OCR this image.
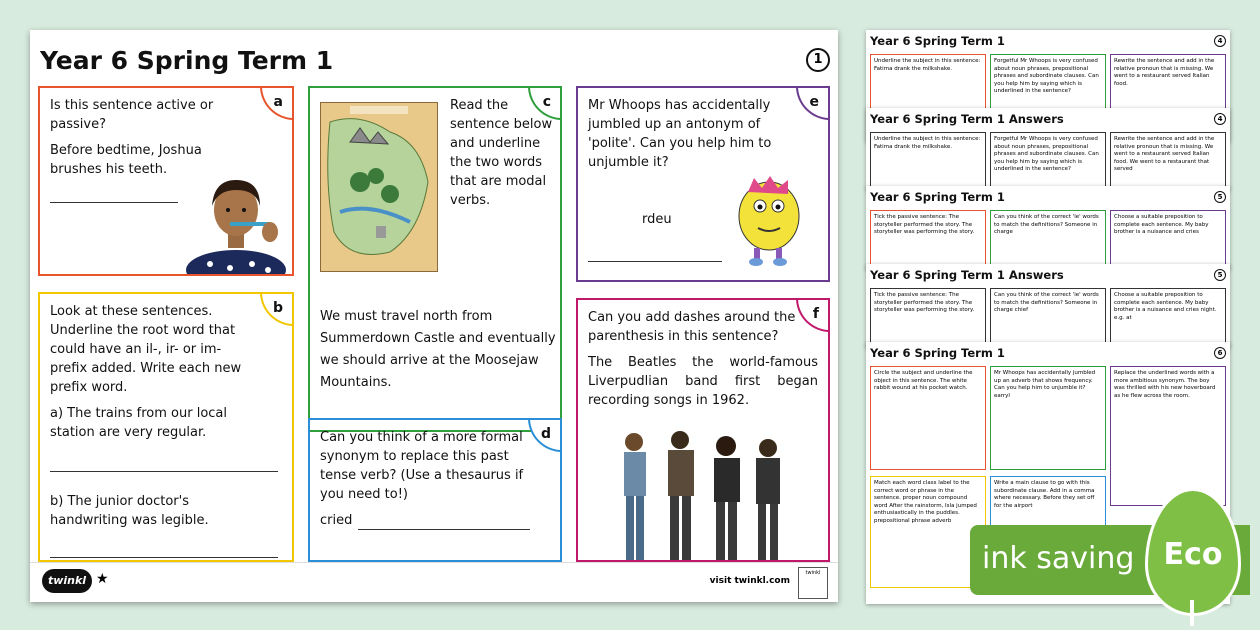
Year 6 Spring Term 1	1
a

Is this sentence active or passive?

Before bedtime, Joshua brushes his teeth.

b

Look at these sentences. Underline the root word that could have an il-, ir- or im- prefix added. Write each new prefix word.

a) The trains from our local station are very regular.

b) The junior doctor's handwriting was legible.

c
Read the sentence below and underline the two words that are modal verbs.
We must travel north from Summerdown Castle and eventually we should arrive at the Moosejaw Mountains.
d

Can you think of a more formal synonym to replace this past tense verb? (Use a thesaurus if you need to!)

cried
e

Mr Whoops has accidentally jumbled up an antonym of 'polite'. Can you help him to unjumble it?

rdeu
f

Can you add dashes around the parenthesis in this sentence?

The Beatles the world-famous Liverpudlian band first began recording songs in 1962.

twinkl ★	visit twinkl.com
twinkl
Year 6 Spring Term 1	4
Underline the subject in this sentence: Fatima drank the milkshake.
Forgetful Mr Whoops is very confused about noun phrases, prepositional phrases and subordinate clauses. Can you help him by saying which is underlined in the sentence?
Rewrite the sentence and add in the relative pronoun that is missing. We went to a restaurant served Italian food.
Year 6 Spring Term 1 Answers	4
Underline the subject in this sentence: Fatima drank the milkshake.
Forgetful Mr Whoops is very confused about noun phrases, prepositional phrases and subordinate clauses. Can you help him by saying which is underlined in the sentence?
Rewrite the sentence and add in the relative pronoun that is missing. We went to a restaurant served Italian food. We went to a restaurant that served
Year 6 Spring Term 1	5
Tick the passive sentence: The storyteller performed the story. The storyteller was performing the story.
Can you think of the correct 'ie' words to match the definitions? Someone in charge
Choose a suitable preposition to complete each sentence. My baby brother is a nuisance and cries
Year 6 Spring Term 1 Answers	5
Tick the passive sentence: The storyteller performed the story. The storyteller was performing the story.
Can you think of the correct 'ie' words to match the definitions? Someone in charge chief
Choose a suitable preposition to complete each sentence. My baby brother is a nuisance and cries night. e.g. at
Year 6 Spring Term 1	6
Circle the subject and underline the object in this sentence. The white rabbit wound at his pocket watch.
Mr Whoops has accidentally jumbled up an adverb that shows frequency. Can you help him to unjumble it? earryl
Replace the underlined words with a more ambitious synonym. The boy was thrilled with his new hoverboard as he flew across the room.
Match each word class label to the correct word or phrase in the sentence. proper noun compound word After the rainstorm, Isla jumped enthusiastically in the puddles. prepositional phrase adverb
Write a main clause to go with this subordinate clause. Add in a comma where necessary. Before they set off for the airport
ink saving Eco
